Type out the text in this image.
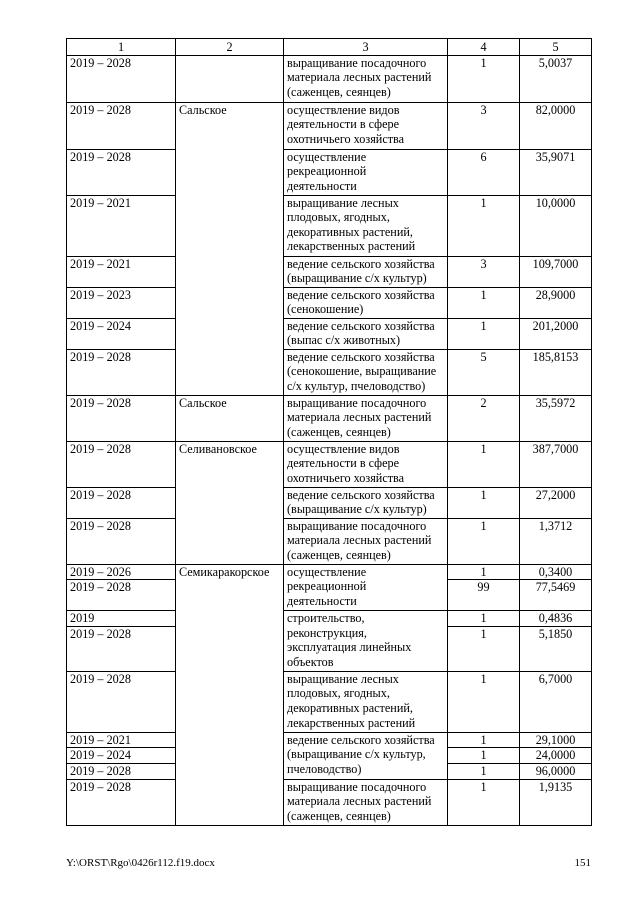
1	2	3	4	5
2019 – 2028		выращивание посадочного
материала лесных растений
(саженцев, сеянцев)	1	5,0037
2019 – 2028	Сальское	осуществление видов
деятельности в сфере
охотничьего хозяйства	3	82,0000
2019 – 2028		осуществление
рекреационной
деятельности	6	35,9071
2019 – 2021		выращивание лесных
плодовых, ягодных,
декоративных растений,
лекарственных растений	1	10,0000
2019 – 2021		ведение сельского хозяйства
(выращивание с/х культур)	3	109,7000
2019 – 2023		ведение сельского хозяйства
(сенокошение)	1	28,9000
2019 – 2024		ведение сельского хозяйства
(выпас с/х животных)	1	201,2000
2019 – 2028		ведение сельского хозяйства
(сенокошение, выращивание
с/х культур, пчеловодство)	5	185,8153
2019 – 2028	Сальское	выращивание посадочного
материала лесных растений
(саженцев, сеянцев)	2	35,5972
2019 – 2028	Селивановское	осуществление видов
деятельности в сфере
охотничьего хозяйства	1	387,7000
2019 – 2028		ведение сельского хозяйства
(выращивание с/х культур)	1	27,2000
2019 – 2028		выращивание посадочного
материала лесных растений
(саженцев, сеянцев)	1	1,3712
2019 – 2026	Семикаракорское	осуществление
рекреационной
деятельности	1	0,3400
2019 – 2028			99	77,5469
2019		строительство,
реконструкция,
эксплуатация линейных
объектов	1	0,4836
2019 – 2028			1	5,1850
2019 – 2028		выращивание лесных
плодовых, ягодных,
декоративных растений,
лекарственных растений	1	6,7000
2019 – 2021		ведение сельского хозяйства
(выращивание с/х культур,
пчеловодство)	1	29,1000
2019 – 2024			1	24,0000
2019 – 2028			1	96,0000
2019 – 2028		выращивание посадочного
материала лесных растений
(саженцев, сеянцев)	1	1,9135
Y:\ORST\Rgo\0426r112.f19.docx	151
